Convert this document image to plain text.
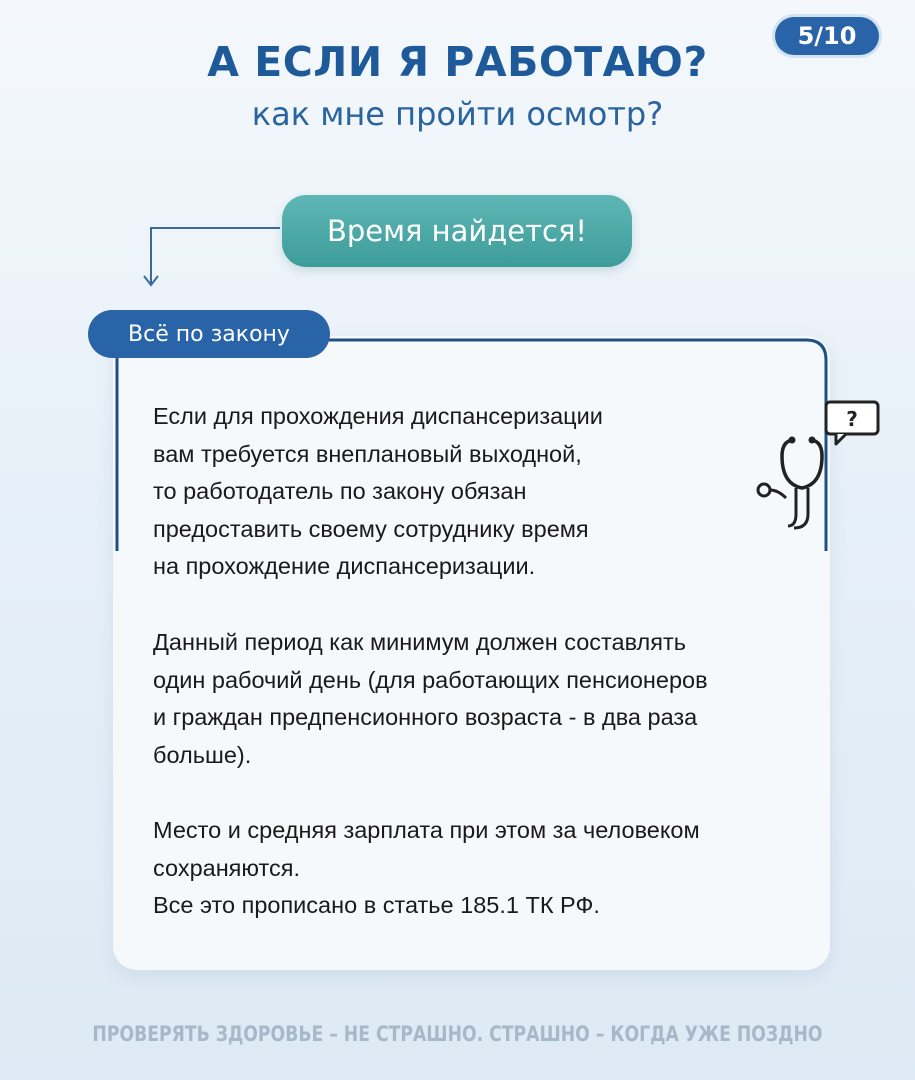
5/10
А ЕСЛИ Я РАБОТАЮ?

как мне пройти осмотр?

Время найдется!
Всё по закону

Если для прохождения диспансеризации
вам требуется внеплановый выходной,
то работодатель по закону обязан
предоставить своему сотруднику время
на прохождение диспансеризации.

Данный период как минимум должен составлять
один рабочий день (для работающих пенсионеров
и граждан предпенсионного возраста - в два раза
больше).

Место и средняя зарплата при этом за человеком
сохраняются.
Все это прописано в статье 185.1 ТК РФ.

?

ПРОВЕРЯТЬ ЗДОРОВЬЕ – НЕ СТРАШНО. СТРАШНО – КОГДА УЖЕ ПОЗДНО
